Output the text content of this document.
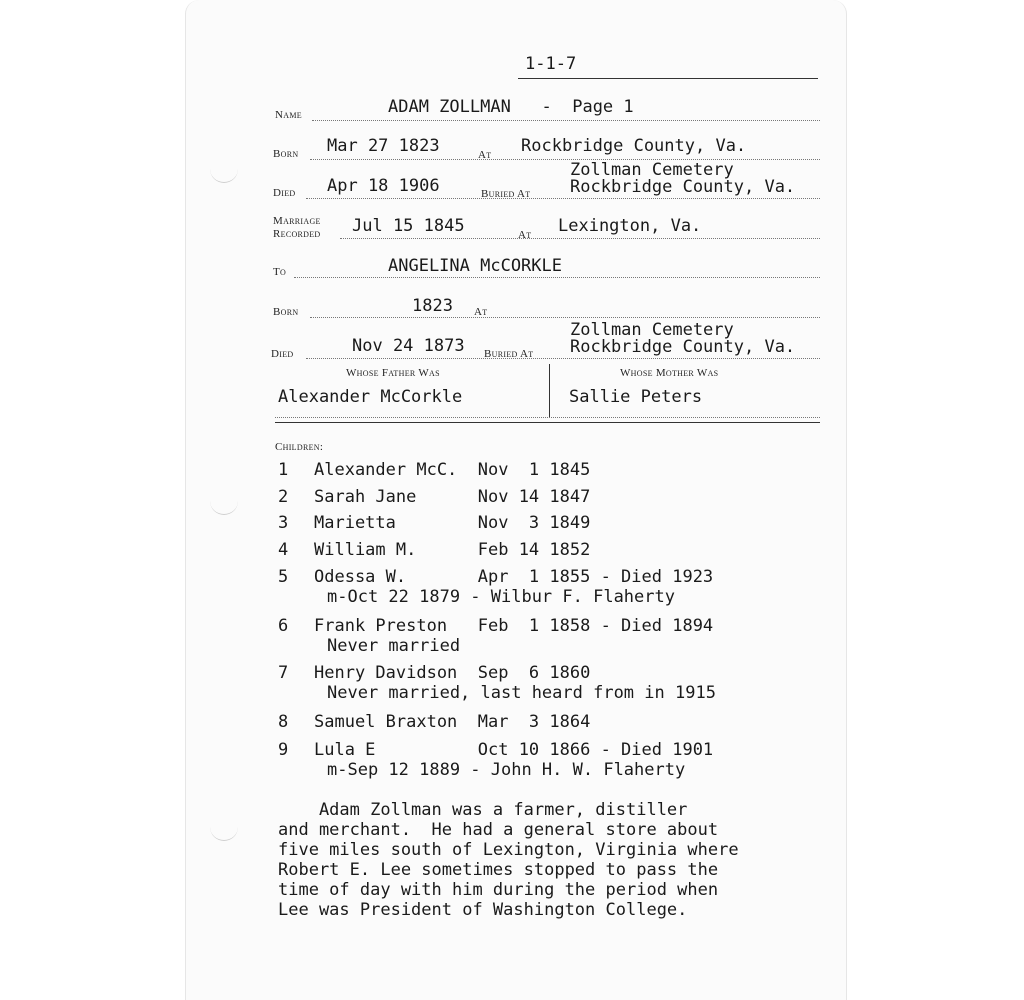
1-1-7
Name	ADAM ZOLLMAN   -  Page 1
Born Mar 27 1823	At Rockbridge County, Va.
Zollman Cemetery
Died Apr 18 1906	Buried At Rockbridge County, Va.
Marriage
Recorded Jul 15 1845	At Lexington, Va.
To	ANGELINA McCORKLE
Born	1823 At
Zollman Cemetery
Died	Nov 24 1873 Buried At Rockbridge County, Va.
Whose Father Was	Whose Mother Was
Alexander McCorkle	Sallie Peters
Children:
1 Alexander McC.  Nov  1 1845
2 Sarah Jane      Nov 14 1847
3 Marietta        Nov  3 1849
4 William M.      Feb 14 1852
5 Odessa W.       Apr  1 1855 - Died 1923
m-Oct 22 1879 - Wilbur F. Flaherty
6 Frank Preston   Feb  1 1858 - Died 1894
Never married
7 Henry Davidson  Sep  6 1860
Never married, last heard from in 1915
8 Samuel Braxton  Mar  3 1864
9 Lula E          Oct 10 1866 - Died 1901
m-Sep 12 1889 - John H. W. Flaherty
Adam Zollman was a farmer, distiller
and merchant.  He had a general store about
five miles south of Lexington, Virginia where
Robert E. Lee sometimes stopped to pass the
time of day with him during the period when
Lee was President of Washington College.
